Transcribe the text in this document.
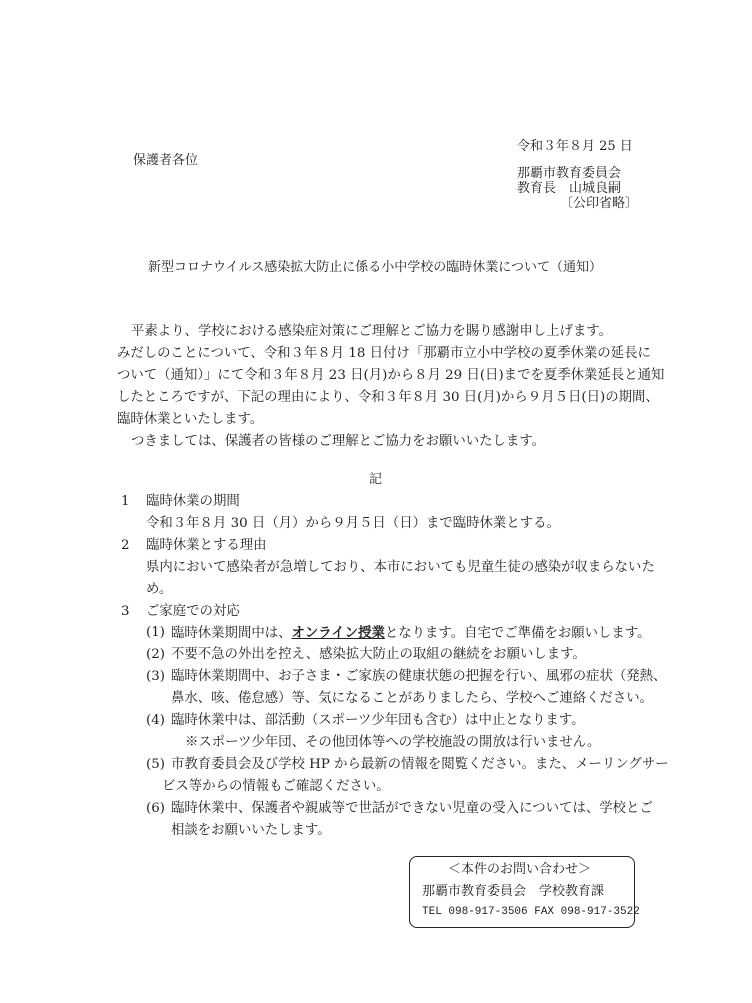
令和３年８月 25 日
保護者各位
那覇市教育委員会
教育長　山城良嗣
〔公印省略〕
新型コロナウイルス感染拡大防止に係る小中学校の臨時休業について（通知）
平素より、学校における感染症対策にご理解とご協力を賜り感謝申し上げます。
みだしのことについて、令和３年８月 18 日付け「那覇市立小中学校の夏季休業の延長に
ついて（通知）」にて令和３年８月 23 日(月)から８月 29 日(日)までを夏季休業延長と通知
したところですが、下記の理由により、令和３年８月 30 日(月)から９月５日(日)の期間、
臨時休業といたします。
つきましては、保護者の皆様のご理解とご協力をお願いいたします。
記
1 臨時休業の期間
令和３年８月 30 日（月）から９月５日（日）まで臨時休業とする。
2 臨時休業とする理由
県内において感染者が急増しており、本市においても児童生徒の感染が収まらないた
め。
3 ご家庭での対応
(1) 臨時休業期間中は、オンライン授業となります。自宅でご準備をお願いします。
(2) 不要不急の外出を控え、感染拡大防止の取組の継続をお願いします。
(3) 臨時休業期間中、お子さま・ご家族の健康状態の把握を行い、風邪の症状（発熱、
鼻水、咳、倦怠感）等、気になることがありましたら、学校へご連絡ください。
(4) 臨時休業中は、部活動（スポーツ少年団も含む）は中止となります。
※スポーツ少年団、その他団体等への学校施設の開放は行いません。
(5) 市教育委員会及び学校 HP から最新の情報を閲覧ください。また、メーリングサー
ビス等からの情報もご確認ください。
(6) 臨時休業中、保護者や親戚等で世話ができない児童の受入については、学校とご
相談をお願いいたします。
＜本件のお問い合わせ＞
那覇市教育委員会　学校教育課
TEL 098-917-3506 FAX 098-917-3522
